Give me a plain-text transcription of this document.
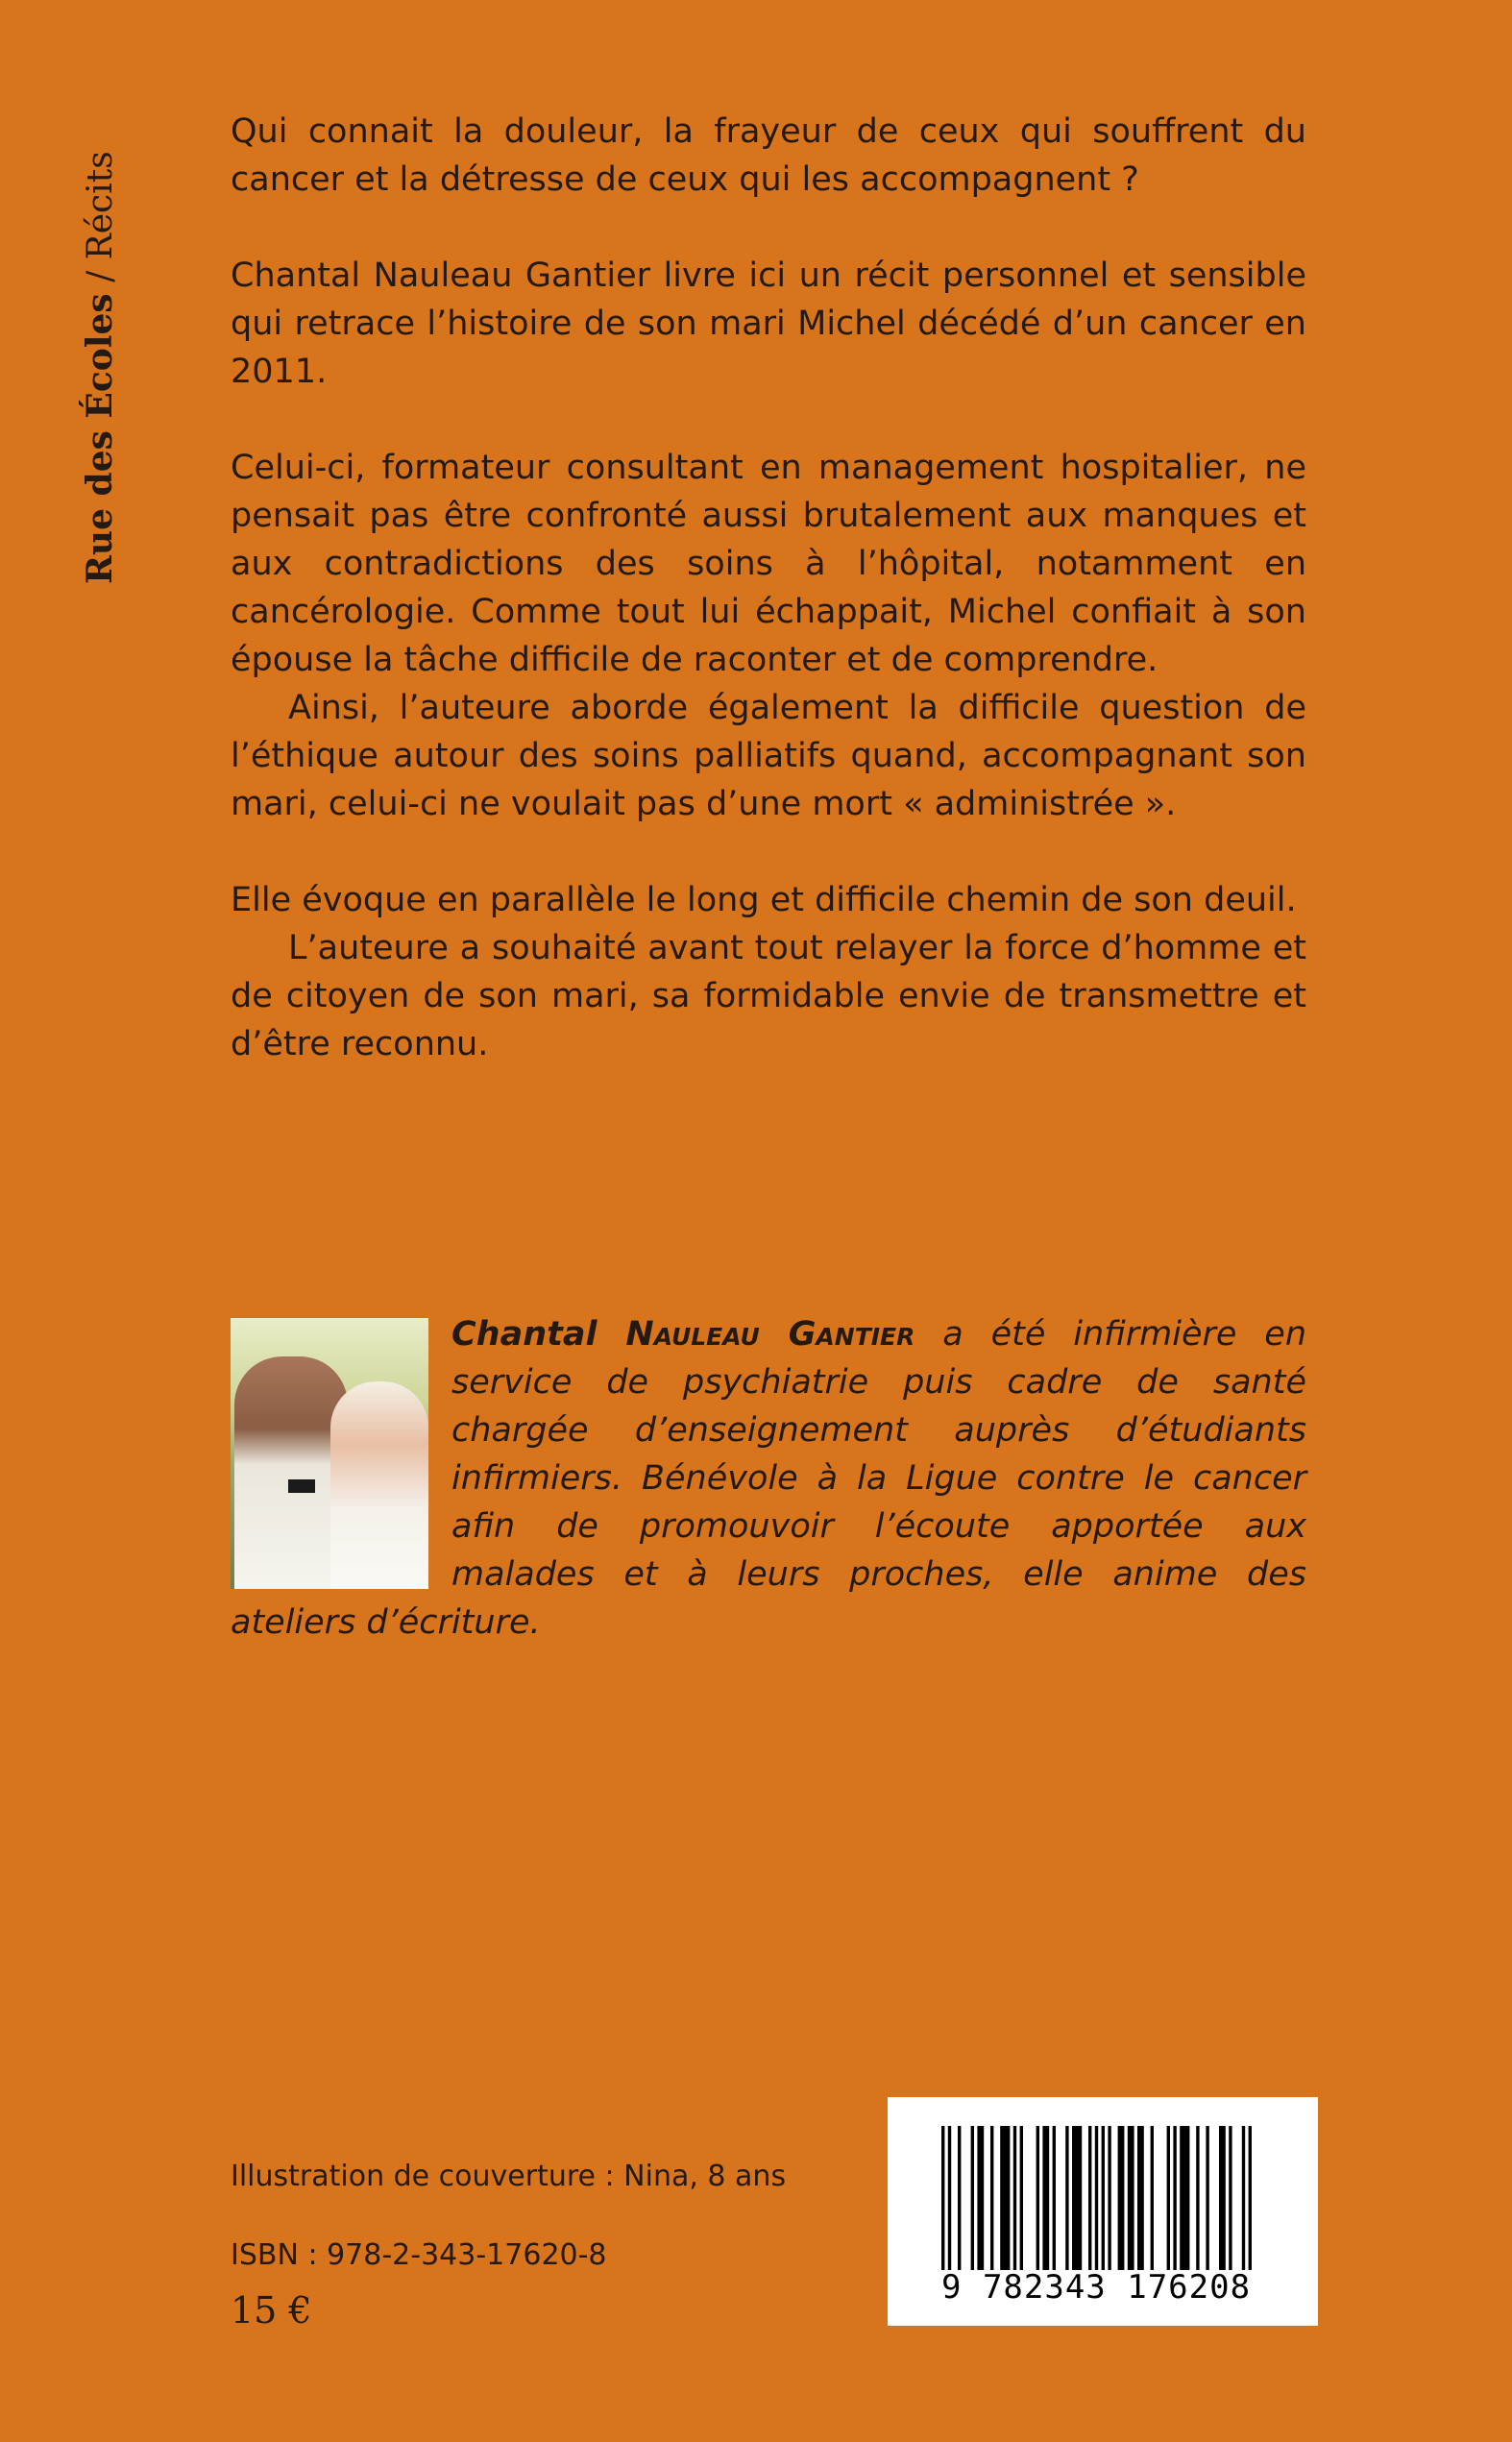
Rue des Écoles / Récits

Qui connait la douleur, la frayeur de ceux qui souffrent du cancer et la détresse de ceux qui les accompagnent ?

Chantal Nauleau Gantier livre ici un récit personnel et sensible qui retrace l’histoire de son mari Michel décédé d’un cancer en 2011.

Celui-ci, formateur consultant en management hospitalier, ne pensait pas être confronté aussi brutalement aux manques et aux contradictions des soins à l’hôpital, notamment en cancérologie. Comme tout lui échappait, Michel confiait à son épouse la tâche difficile de raconter et de comprendre.

Ainsi, l’auteure aborde également la difficile question de l’éthique autour des soins palliatifs quand, accompagnant son mari, celui-ci ne voulait pas d’une mort « administrée ».

Elle évoque en parallèle le long et difficile chemin de son deuil.

L’auteure a souhaité avant tout relayer la force d’homme et de citoyen de son mari, sa formidable envie de transmettre et d’être reconnu.

Chantal Nauleau Gantier a été infirmière en service de psychiatrie puis cadre de santé chargée d’enseignement auprès d’étudiants infirmiers. Bénévole à la Ligue contre le cancer afin de promouvoir l’écoute apportée aux malades et à leurs proches, elle anime des ateliers d’écriture.
Illustration de couverture : Nina, 8 ans
ISBN : 978-2-343-17620-8
15 €
9 782343 176208
